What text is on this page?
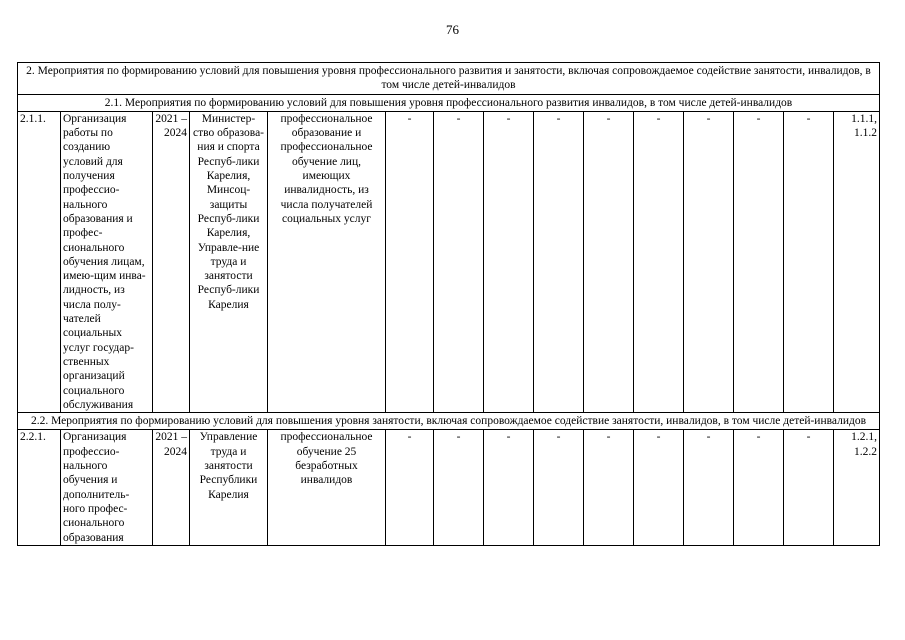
76
2. Мероприятия по формированию условий для повышения уровня профессионального развития и занятости, включая сопровождаемое содействие занятости, инвалидов, в том числе детей-инвалидов														
2.1. Мероприятия по формированию условий для повышения уровня профессионального развития инвалидов, в том числе детей-инвалидов														
2.1.1.	Организация работы по созданию условий для получения профессио-нального образования и профес-сионального обучения лицам, имею-щим инва-лидность, из числа полу-чателей социальных услуг государ-ственных организаций социального обслуживания	2021 – 2024	Министер-ство образова-ния и спорта Респуб-лики Карелия, Минсоц-защиты Респуб-лики Карелия, Управле-ние труда и занятости Респуб-лики Карелия	профессиональное образование и профессиональное обучение лиц, имеющих инвалидность, из числа получателей социальных услуг	-	-	-	-	-	-	-	-	-	1.1.1, 1.1.2
2.2. Мероприятия по формированию условий для повышения уровня занятости, включая сопровождаемое содействие занятости, инвалидов, в том числе детей-инвалидов														
2.2.1.	Организация профессио-нального обучения и дополнитель-ного профес-сионального образования	2021 – 2024	Управление труда и занятости Республики Карелия	профессиональное обучение 25 безработных инвалидов	-	-	-	-	-	-	-	-	-	1.2.1, 1.2.2
